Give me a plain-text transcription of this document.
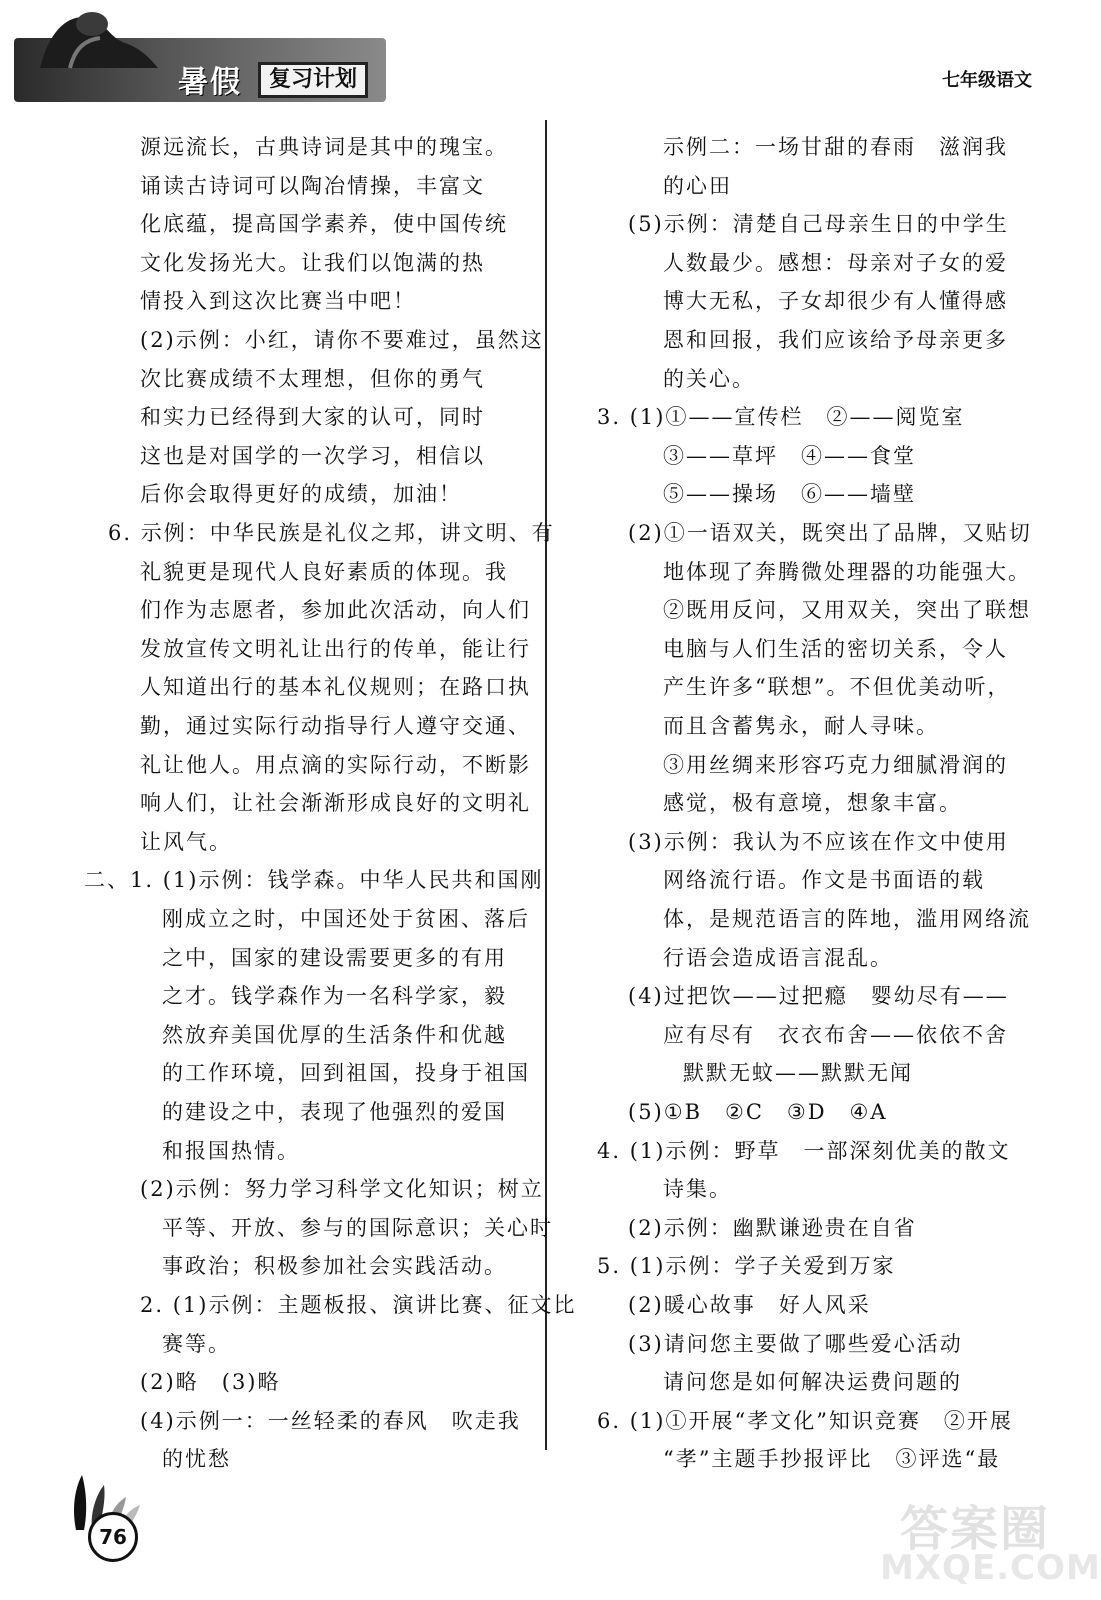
暑假	复习计划	七年级语文
源远流长，古典诗词是其中的瑰宝。
诵读古诗词可以陶冶情操，丰富文
化底蕴，提高国学素养，使中国传统
文化发扬光大。让我们以饱满的热
情投入到这次比赛当中吧！
(2)示例：小红，请你不要难过，虽然这
次比赛成绩不太理想，但你的勇气
和实力已经得到大家的认可，同时
这也是对国学的一次学习，相信以
后你会取得更好的成绩，加油！
6. 示例：中华民族是礼仪之邦，讲文明、有
礼貌更是现代人良好素质的体现。我
们作为志愿者，参加此次活动，向人们
发放宣传文明礼让出行的传单，能让行
人知道出行的基本礼仪规则；在路口执
勤，通过实际行动指导行人遵守交通、
礼让他人。用点滴的实际行动，不断影
响人们，让社会渐渐形成良好的文明礼
让风气。
二、1. (1)示例：钱学森。中华人民共和国刚
刚成立之时，中国还处于贫困、落后
之中，国家的建设需要更多的有用
之才。钱学森作为一名科学家，毅
然放弃美国优厚的生活条件和优越
的工作环境，回到祖国，投身于祖国
的建设之中，表现了他强烈的爱国
和报国热情。
(2)示例：努力学习科学文化知识；树立
平等、开放、参与的国际意识；关心时
事政治；积极参加社会实践活动。
2. (1)示例：主题板报、演讲比赛、征文比
赛等。
(2)略　(3)略
(4)示例一：一丝轻柔的春风　吹走我
的忧愁
示例二：一场甘甜的春雨　滋润我
的心田
(5)示例：清楚自己母亲生日的中学生
人数最少。感想：母亲对子女的爱
博大无私，子女却很少有人懂得感
恩和回报，我们应该给予母亲更多
的关心。
3. (1)①——宣传栏　②——阅览室
③——草坪　④——食堂
⑤——操场　⑥——墙壁
(2)①一语双关，既突出了品牌，又贴切
地体现了奔腾微处理器的功能强大。
②既用反问，又用双关，突出了联想
电脑与人们生活的密切关系，令人
产生许多“联想”。不但优美动听，
而且含蓄隽永，耐人寻味。
③用丝绸来形容巧克力细腻滑润的
感觉，极有意境，想象丰富。
(3)示例：我认为不应该在作文中使用
网络流行语。作文是书面语的载
体，是规范语言的阵地，滥用网络流
行语会造成语言混乱。
(4)过把饮——过把瘾　婴幼尽有——
应有尽有　衣衣布舍——依依不舍
默默无蚊——默默无闻
(5)①B　②C　③D　④A
4. (1)示例：野草　一部深刻优美的散文
诗集。
(2)示例：幽默谦逊贵在自省
5. (1)示例：学子关爱到万家
(2)暖心故事　好人风采
(3)请问您主要做了哪些爱心活动
请问您是如何解决运费问题的
6. (1)①开展“孝文化”知识竞赛　②开展
“孝”主题手抄报评比　③评选“最
76	答案圈
MXQE.COM
